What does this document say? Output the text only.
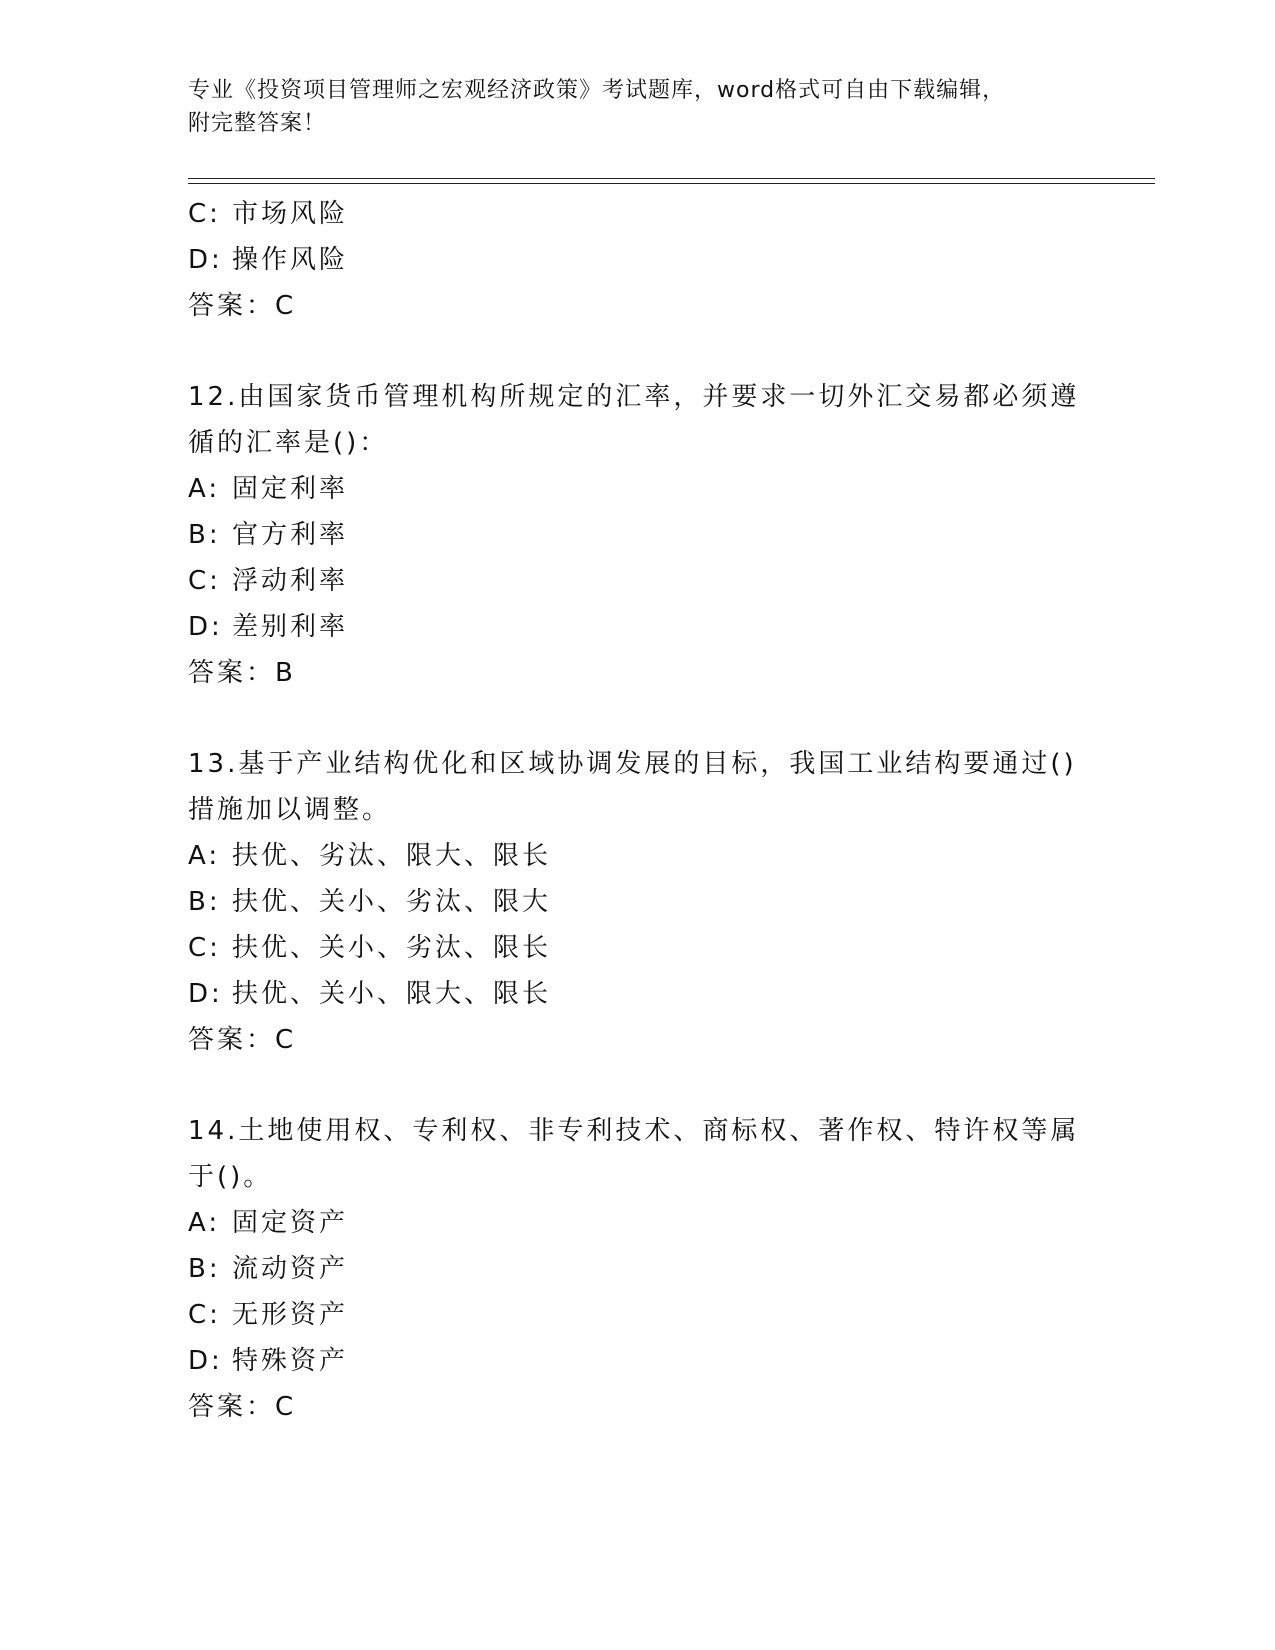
专业《投资项目管理师之宏观经济政策》考试题库，word格式可自由下载编辑，
附完整答案！
C: 市场风险
D: 操作风险
答案：C
12.由国家货币管理机构所规定的汇率，并要求一切外汇交易都必须遵
循的汇率是()：
A: 固定利率
B: 官方利率
C: 浮动利率
D: 差别利率
答案：B
13.基于产业结构优化和区域协调发展的目标，我国工业结构要通过()
措施加以调整。
A: 扶优、劣汰、限大、限长
B: 扶优、关小、劣汰、限大
C: 扶优、关小、劣汰、限长
D: 扶优、关小、限大、限长
答案：C
14.土地使用权、专利权、非专利技术、商标权、著作权、特许权等属
于()。
A: 固定资产
B: 流动资产
C: 无形资产
D: 特殊资产
答案：C
